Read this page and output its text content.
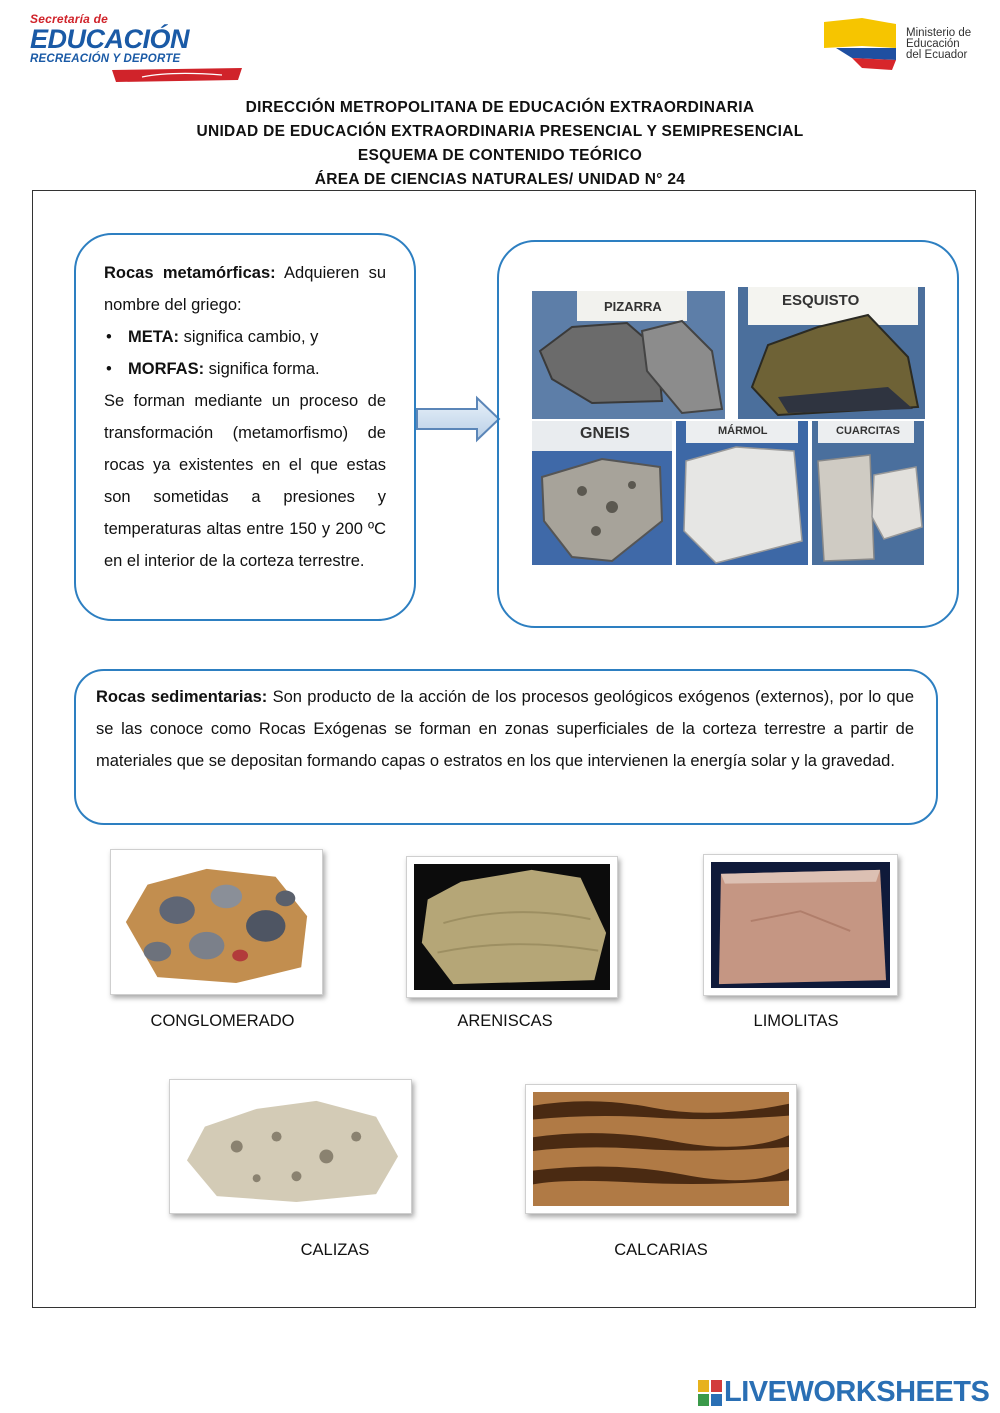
Secretaría de
EDUCACIÓN
RECREACIÓN Y DEPORTE
Ministerio de
Educación
del Ecuador
DIRECCIÓN METROPOLITANA DE EDUCACIÓN EXTRAORDINARIA
UNIDAD DE EDUCACIÓN EXTRAORDINARIA PRESENCIAL Y SEMIPRESENCIAL
ESQUEMA DE CONTENIDO TEÓRICO
ÁREA DE CIENCIAS NATURALES/ UNIDAD N° 24

Rocas metamórficas: Adquieren su nombre del griego:

• META: significa cambio, y
• MORFAS: significa forma.

Se forman mediante un proceso de transformación (metamorfismo) de rocas ya existentes en el que estas son sometidas a presiones y temperaturas altas entre 150 y 200 ºC en el interior de la corteza terrestre.

PIZARRA	ESQUISTO
GNEIS	MÁRMOL	CUARCITAS

Rocas sedimentarias: Son producto de la acción de los procesos geológicos exógenos (externos), por lo que se las conoce como Rocas Exógenas se forman en zonas superficiales de la corteza terrestre a partir de materiales que se depositan formando capas o estratos en los que intervienen la energía solar y la gravedad.

CONGLOMERADO	ARENISCAS	LIMOLITAS
CALIZAS	CALCARIAS
LIVEWORKSHEETS
